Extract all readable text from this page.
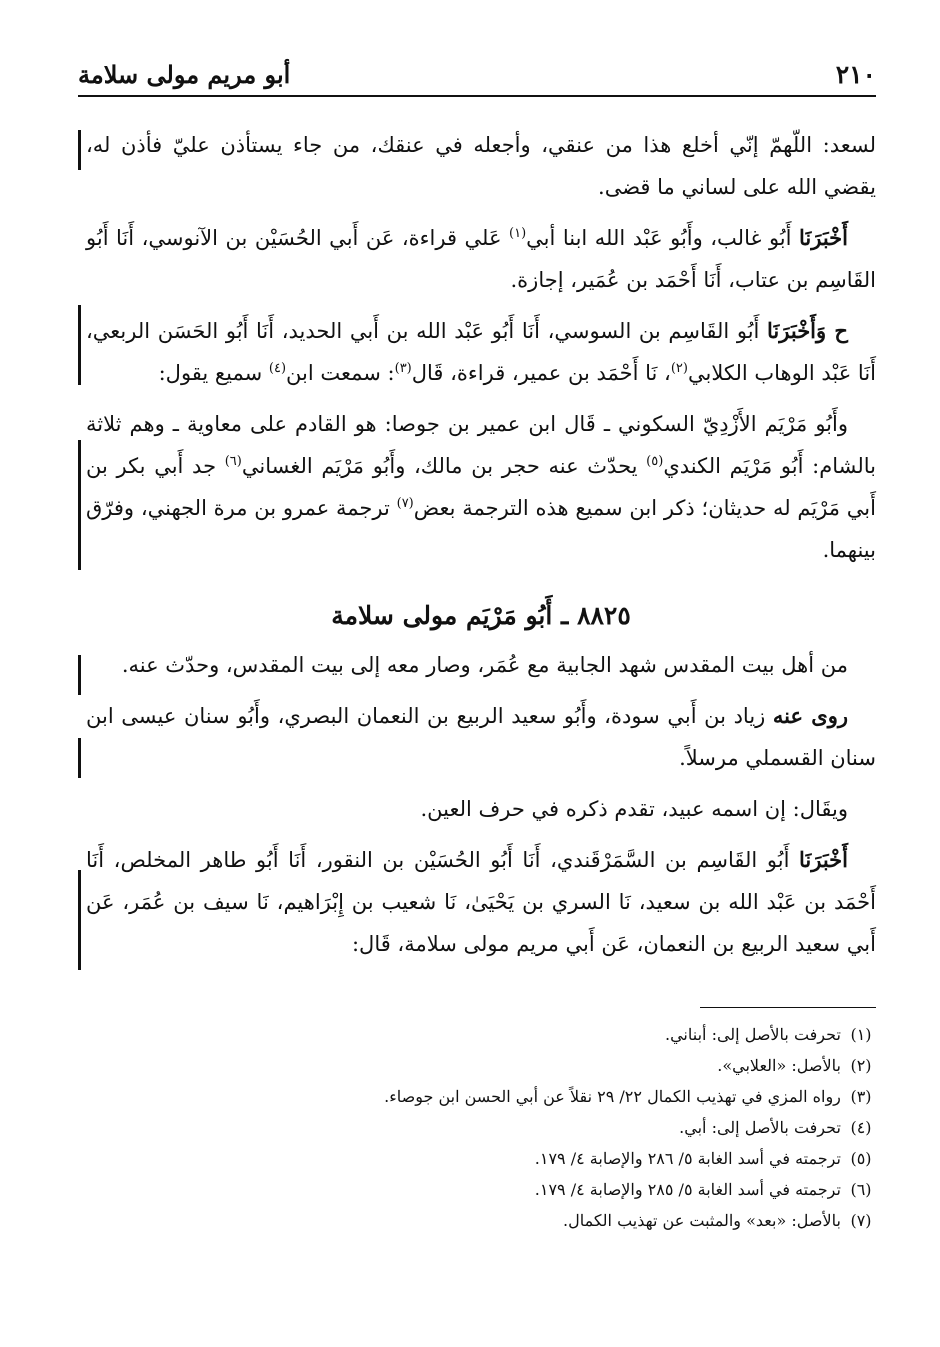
٢١٠
أبو مريم مولى سلامة

لسعد: اللّهمّ إنّي أخلع هذا من عنقي، وأجعله في عنقك، من جاء يستأذن عليّ فأذن له، يقضي الله على لساني ما قضى.

أَخْبَرَنَا أَبُو غالب، وأَبُو عَبْد الله ابنا أبي$^{(١)}$ عَلي قراءة، عَن أَبي الحُسَيْن بن الآنوسي، أَنَا أَبُو القَاسِم بن عتاب، أَنَا أَحْمَد بن عُمَير، إجازة.

ح وَأَخْبَرَنَا أَبُو القَاسِم بن السوسي، أَنَا أَبُو عَبْد الله بن أَبي الحديد، أَنَا أَبُو الحَسَن الربعي، أَنَا عَبْد الوهاب الكلابي$^{(٢)}$، نَا أَحْمَد بن عمير، قراءة، قَال$^{(٣)}$: سمعت ابن$^{(٤)}$ سميع يقول:

وأَبُو مَرْيَم الأَزْدِيّ السكوني ـ قَال ابن عمير بن جوصا: هو القادم على معاوية ـ وهم ثلاثة بالشام: أَبُو مَرْيَم الكندي$^{(٥)}$ يحدّث عنه حجر بن مالك، وأَبُو مَرْيَم الغساني$^{(٦)}$ جد أَبي بكر بن أَبي مَرْيَم له حديثان؛ ذكر ابن سميع هذه الترجمة بعض$^{(٧)}$ ترجمة عمرو بن مرة الجهني، وفرّق بينهما.

٨٨٢٥ ـ أَبُو مَرْيَم مولى سلامة

من أهل بيت المقدس شهد الجابية مع عُمَر، وصار معه إلى بيت المقدس، وحدّث عنه.

روى عنه زياد بن أَبي سودة، وأَبُو سعيد الربيع بن النعمان البصري، وأَبُو سنان عيسى ابن سنان القسملي مرسلاً.

ويقَال: إن اسمه عبيد، تقدم ذكره في حرف العين.

أَخْبَرَنَا أَبُو القَاسِم بن السَّمَرْقَندي، أَنَا أَبُو الحُسَيْن بن النقور، أَنَا أَبُو طاهر المخلص، أَنَا أَحْمَد بن عَبْد الله بن سعيد، نَا السري بن يَحْيَىٰ، نَا شعيب بن إِبْرَاهيم، نَا سيف بن عُمَر، عَن أَبي سعيد الربيع بن النعمان، عَن أَبي مريم مولى سلامة، قَال:

(١) تحرفت بالأصل إلى: أبناني.
(٢) بالأصل: «العلابي».
(٣) رواه المزي في تهذيب الكمال ٢٢/ ٢٩ نقلاً عن أبي الحسن ابن جوصاء.
(٤) تحرفت بالأصل إلى: أبي.
(٥) ترجمته في أسد الغابة ٥/ ٢٨٦ والإصابة ٤/ ١٧٩.
(٦) ترجمته في أسد الغابة ٥/ ٢٨٥ والإصابة ٤/ ١٧٩.
(٧) بالأصل: «بعد» والمثبت عن تهذيب الكمال.
